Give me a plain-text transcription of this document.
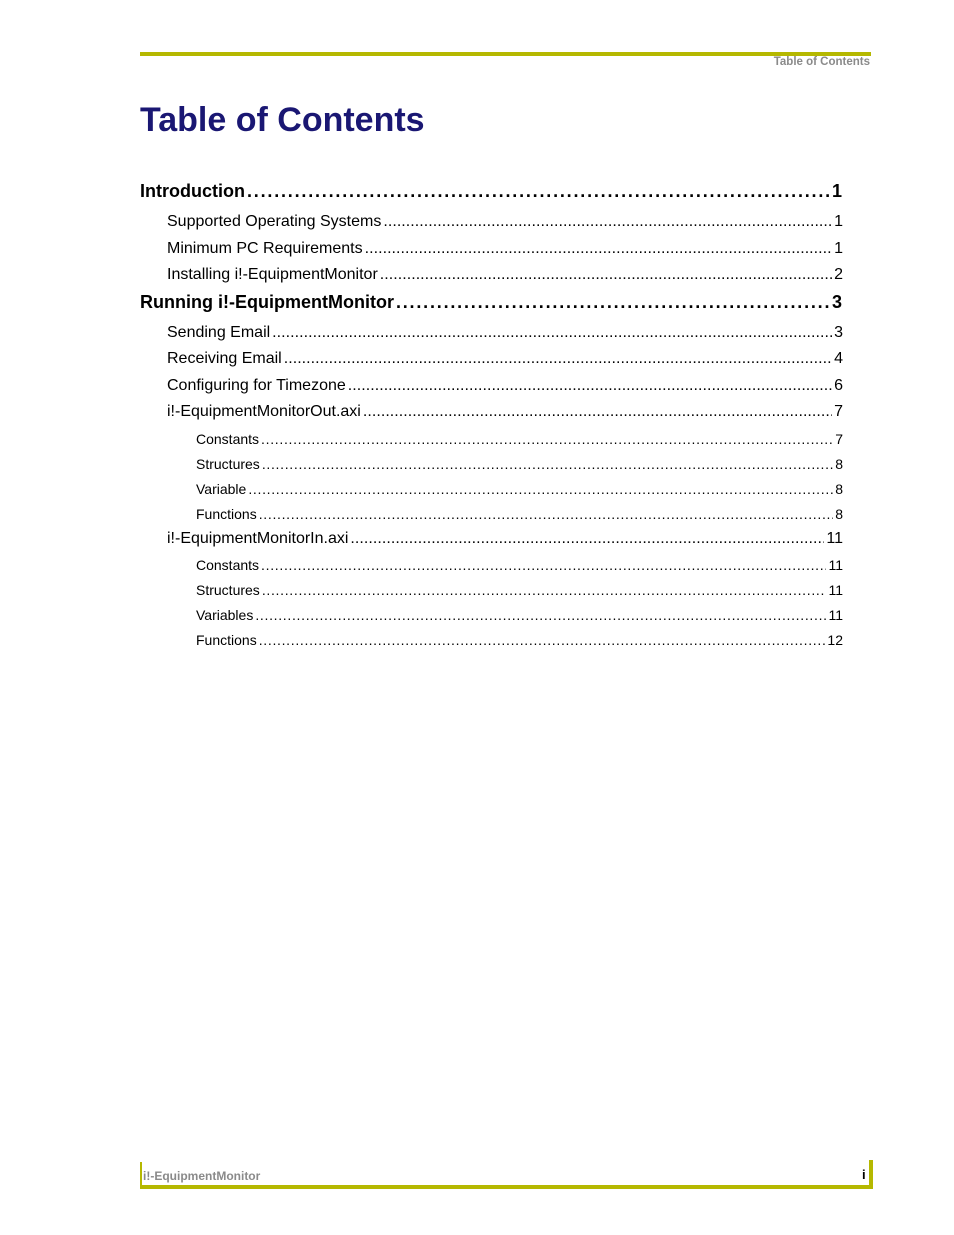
Table of Contents
Table of Contents
Introduction . . .	1
Supported Operating Systems . . .	1
Minimum PC Requirements . . .	1
Installing i!-EquipmentMonitor . . .	2
Running i!-EquipmentMonitor . . .	3
Sending Email . . .	3
Receiving Email . . .	4
Configuring for Timezone . . .	6
i!-EquipmentMonitorOut.axi . . .	7
Constants . . .	7
Structures . . .	8
Variable . . .	8
Functions . . .	8
i!-EquipmentMonitorIn.axi . . .	11
Constants . . .	11
Structures . . .	11
Variables . . .	11
Functions . . .	12
i!-EquipmentMonitor	i
